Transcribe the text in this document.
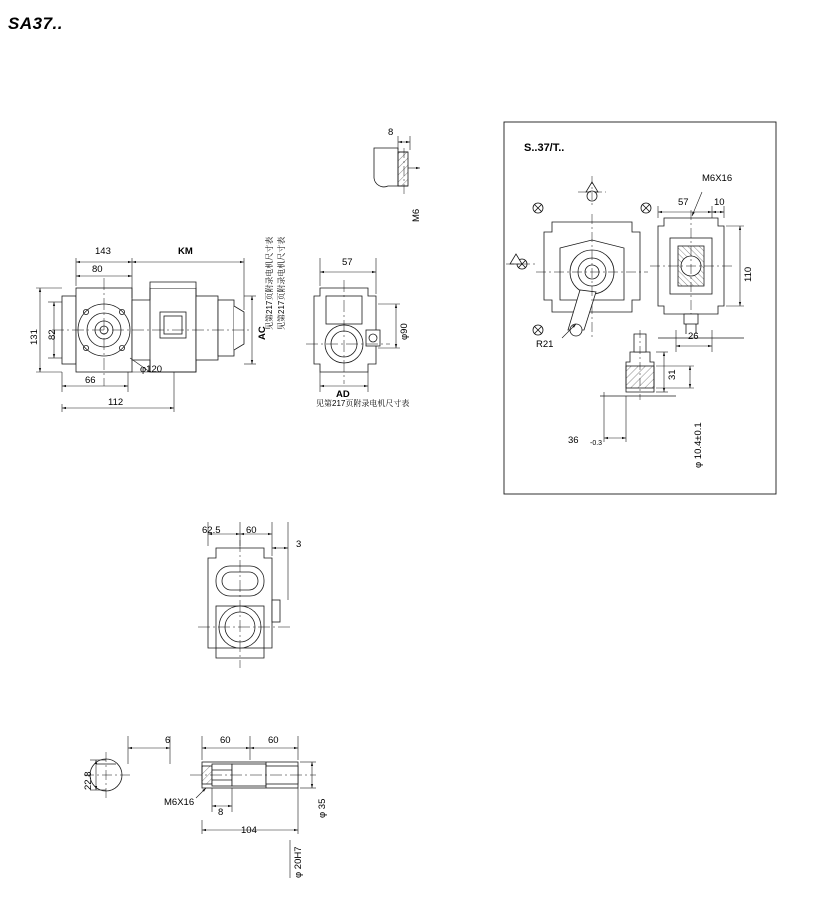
SA37..
143	KM
80
131 82
66
112
φ120
AC
见第217页附录电机尺寸表 见第217页附录电机尺寸表	57
φ90
AD
见第217页附录电机尺寸表
8
M6
S..37/T..
M6X16
57	10
110
R21
26
31
36 -0.3	φ 10.4±0.1
62.5	60
3
22.8
6	60	60
M6X16
8
104
φ 35
φ 20H7
